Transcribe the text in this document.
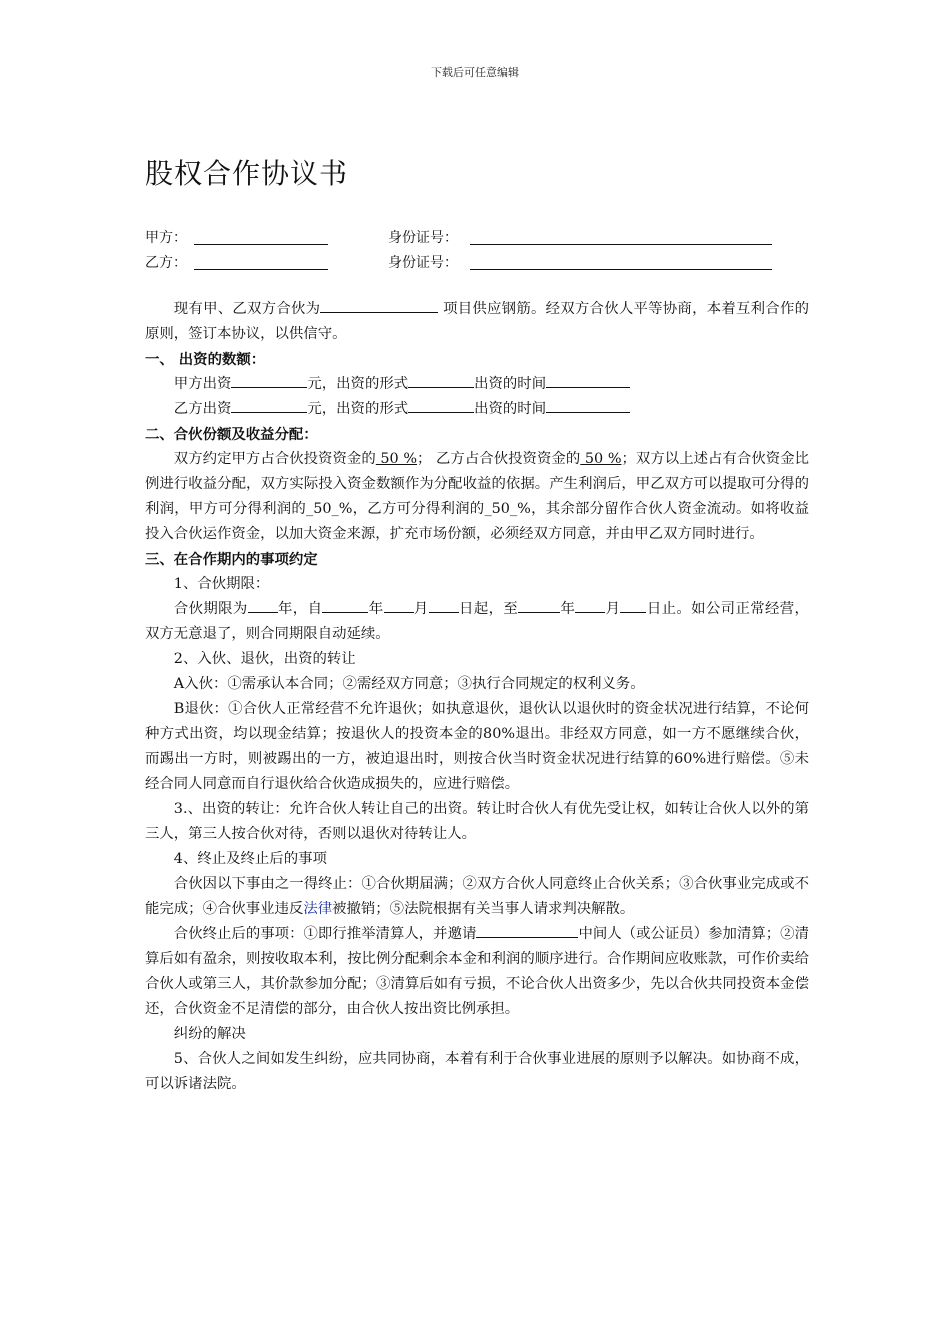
下载后可任意编辑
股权合作协议书
甲方：	身份证号：
乙方：	身份证号：

现有甲、乙双方合伙为	项目供应钢筋。经双方合伙人平等协商，本着互利合作的原则，签订本协议，以供信守。

一、 出资的数额：

甲方出资	元，出资的形式	出资的时间

乙方出资	元，出资的形式	出资的时间

二、合伙份额及收益分配：

双方约定甲方占合伙投资资金的 50 %； 乙方占合伙投资资金的 50 %；双方以上述占有合伙资金比例进行收益分配，双方实际投入资金数额作为分配收益的依据。产生利润后，甲乙双方可以提取可分得的利润，甲方可分得利润的_50_%，乙方可分得利润的_50_%，其余部分留作合伙人资金流动。如将收益投入合伙运作资金，以加大资金来源，扩充市场份额，必须经双方同意，并由甲乙双方同时进行。

三、在合作期内的事项约定

1、合伙期限：

合伙期限为 年，自	年 月 日起，至	年 月 日止。如公司正常经营，双方无意退了，则合同期限自动延续。

2、入伙、退伙，出资的转让

A入伙：①需承认本合同；②需经双方同意；③执行合同规定的权利义务。

B退伙：①合伙人正常经营不允许退伙；如执意退伙，退伙认以退伙时的资金状况进行结算，不论何种方式出资，均以现金结算；按退伙人的投资本金的80%退出。非经双方同意，如一方不愿继续合伙，而踢出一方时，则被踢出的一方，被迫退出时，则按合伙当时资金状况进行结算的60%进行赔偿。⑤未经合同人同意而自行退伙给合伙造成损失的，应进行赔偿。

3.、出资的转让：允许合伙人转让自己的出资。转让时合伙人有优先受让权，如转让合伙人以外的第三人，第三人按合伙对待，否则以退伙对待转让人。

4、终止及终止后的事项

合伙因以下事由之一得终止：①合伙期届满；②双方合伙人同意终止合伙关系；③合伙事业完成或不能完成；④合伙事业违反法律被撤销；⑤法院根据有关当事人请求判决解散。

合伙终止后的事项：①即行推举清算人，并邀请	中间人（或公证员）参加清算；②清算后如有盈余，则按收取本利，按比例分配剩余本金和利润的顺序进行。合作期间应收账款，可作价卖给合伙人或第三人，其价款参加分配；③清算后如有亏损，不论合伙人出资多少，先以合伙共同投资本金偿还，合伙资金不足清偿的部分，由合伙人按出资比例承担。

纠纷的解决

5、合伙人之间如发生纠纷，应共同协商，本着有利于合伙事业进展的原则予以解决。如协商不成，可以诉诸法院。
